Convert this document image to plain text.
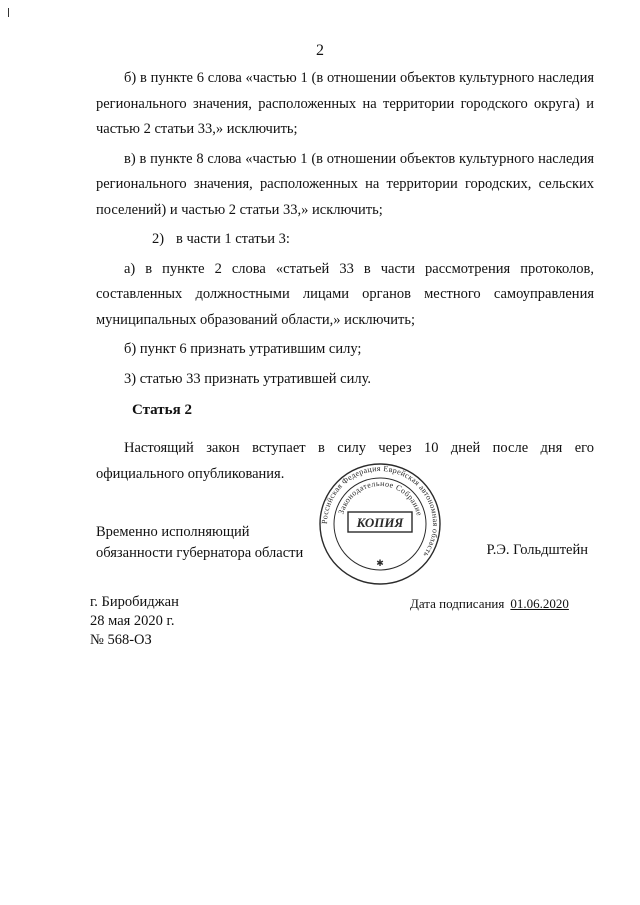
2

б) в пункте 6 слова «частью 1 (в отношении объектов культурного наследия регионального значения, расположенных на территории городского округа) и частью 2 статьи 33,» исключить;

в) в пункте 8 слова «частью 1 (в отношении объектов культурного наследия регионального значения, расположенных на территории городских, сельских поселений) и частью 2 статьи 33,» исключить;

2) в части 1 статьи 3:

а) в пункте 2 слова «статьей 33 в части рассмотрения протоколов, составленных должностными лицами органов местного самоуправления муниципальных образований области,» исключить;

б) пункт 6 признать утратившим силу;

3) статью 33 признать утратившей силу.

Статья 2

Настоящий закон вступает в силу через 10 дней после дня его официального опубликования.

Временно исполняющий
обязанности губернатора области	Р.Э. Гольдштейн
г. Биробиджан
28 мая 2020 г.
№ 568-ОЗ
Дата подписания 01.06.2020
Российская Федерация Еврейская автономная область
Законодательное Собрание
КОПИЯ
✱
